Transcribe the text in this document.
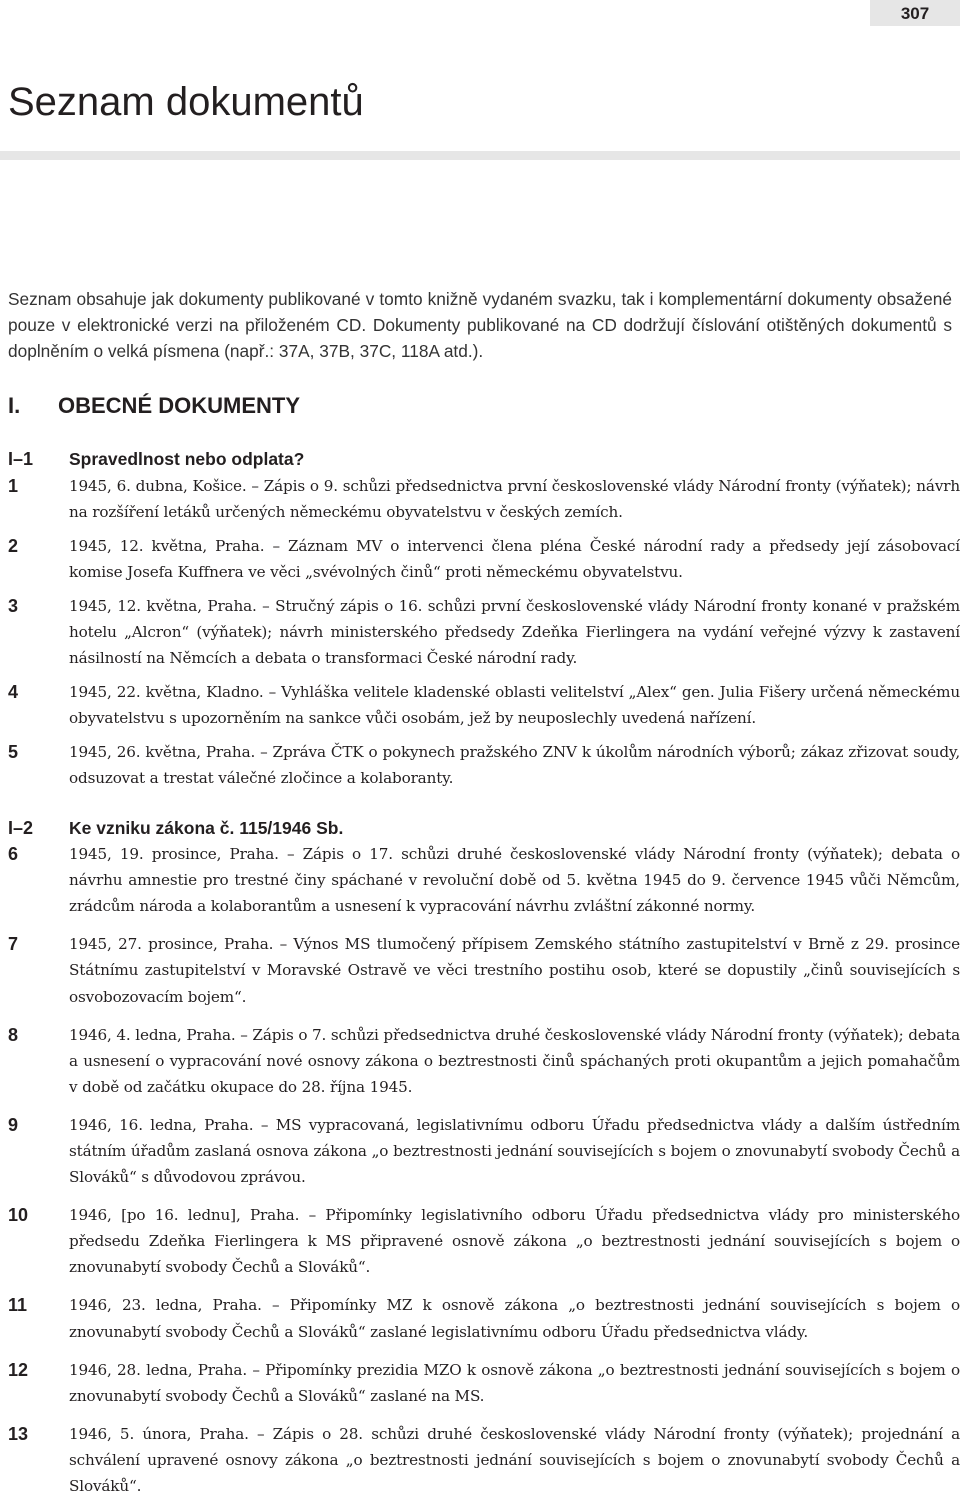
307
Seznam dokumentů

Seznam obsahuje jak dokumenty publikované v tomto knižně vydaném svazku, tak i komplementární dokumenty obsažené pouze v elektronické verzi na přiloženém CD. Dokumenty publikované na CD dodržují číslování otištěných dokumentů s doplněním o velká písmena (např.: 37A, 37B, 37C, 118A atd.).

I. OBECNÉ DOKUMENTY
I–1 Spravedlnost nebo odplata?
1	1945, 6. dubna, Košice. – Zápis o 9. schůzi předsednictva první československé vlády Národní fronty (výňatek); návrh na rozšíření letáků určených německému obyvatelstvu v českých zemích.
2	1945, 12. května, Praha. – Záznam MV o intervenci člena pléna České národní rady a předsedy její zásobovací komise Josefa Kuffnera ve věci „svévolných činů“ proti německému obyvatelstvu.
3	1945, 12. května, Praha. – Stručný zápis o 16. schůzi první československé vlády Národní fronty konané v pražském hotelu „Alcron“ (výňatek); návrh ministerského předsedy Zdeňka Fierlingera na vydání veřejné výzvy k zastavení násilností na Němcích a debata o transformaci České národní rady.
4	1945, 22. května, Kladno. – Vyhláška velitele kladenské oblasti velitelství „Alex“ gen. Julia Fišery určená německému obyvatelstvu s upozorněním na sankce vůči osobám, jež by neuposlechly uvedená nařízení.
5	1945, 26. května, Praha. – Zpráva ČTK o pokynech pražského ZNV k úkolům národních výborů; zákaz zřizovat soudy, odsuzovat a trestat válečné zločince a kolaboranty.
I–2 Ke vzniku zákona č. 115/1946 Sb.
6	1945, 19. prosince, Praha. – Zápis o 17. schůzi druhé československé vlády Národní fronty (výňatek); debata o návrhu amnestie pro trestné činy spáchané v revoluční době od 5. května 1945 do 9. července 1945 vůči Němcům, zrádcům národa a kolaborantům a usnesení k vypracování návrhu zvláštní zákonné normy.
7	1945, 27. prosince, Praha. – Výnos MS tlumočený přípisem Zemského státního zastupitelství v Brně z 29. prosince Státnímu zastupitelství v Moravské Ostravě ve věci trestního postihu osob, které se dopustily „činů souvisejících s osvobozovacím bojem“.
8	1946, 4. ledna, Praha. – Zápis o 7. schůzi předsednictva druhé československé vlády Národní fronty (výňatek); debata a usnesení o vypracování nové osnovy zákona o beztrestnosti činů spáchaných proti okupantům a jejich pomahačům v době od začátku okupace do 28. října 1945.
9	1946, 16. ledna, Praha. – MS vypracovaná, legislativnímu odboru Úřadu předsednictva vlády a dalším ústředním státním úřadům zaslaná osnova zákona „o beztrestnosti jednání souvisejících s bojem o znovunabytí svobody Čechů a Slováků“ s důvodovou zprávou.
10	1946, [po 16. lednu], Praha. – Připomínky legislativního odboru Úřadu předsednictva vlády pro ministerského předsedu Zdeňka Fierlingera k MS připravené osnově zákona „o beztrestnosti jednání souvisejících s bojem o znovunabytí svobody Čechů a Slováků“.
11	1946, 23. ledna, Praha. – Připomínky MZ k osnově zákona „o beztrestnosti jednání souvisejících s bojem o znovunabytí svobody Čechů a Slováků“ zaslané legislativnímu odboru Úřadu předsednictva vlády.
12	1946, 28. ledna, Praha. – Připomínky prezidia MZO k osnově zákona „o beztrestnosti jednání souvisejících s bojem o znovunabytí svobody Čechů a Slováků“ zaslané na MS.
13	1946, 5. února, Praha. – Zápis o 28. schůzi druhé československé vlády Národní fronty (výňatek); projednání a schválení upravené osnovy zákona „o beztrestnosti jednání souvisejících s bojem o znovunabytí svobody Čechů a Slováků“.
